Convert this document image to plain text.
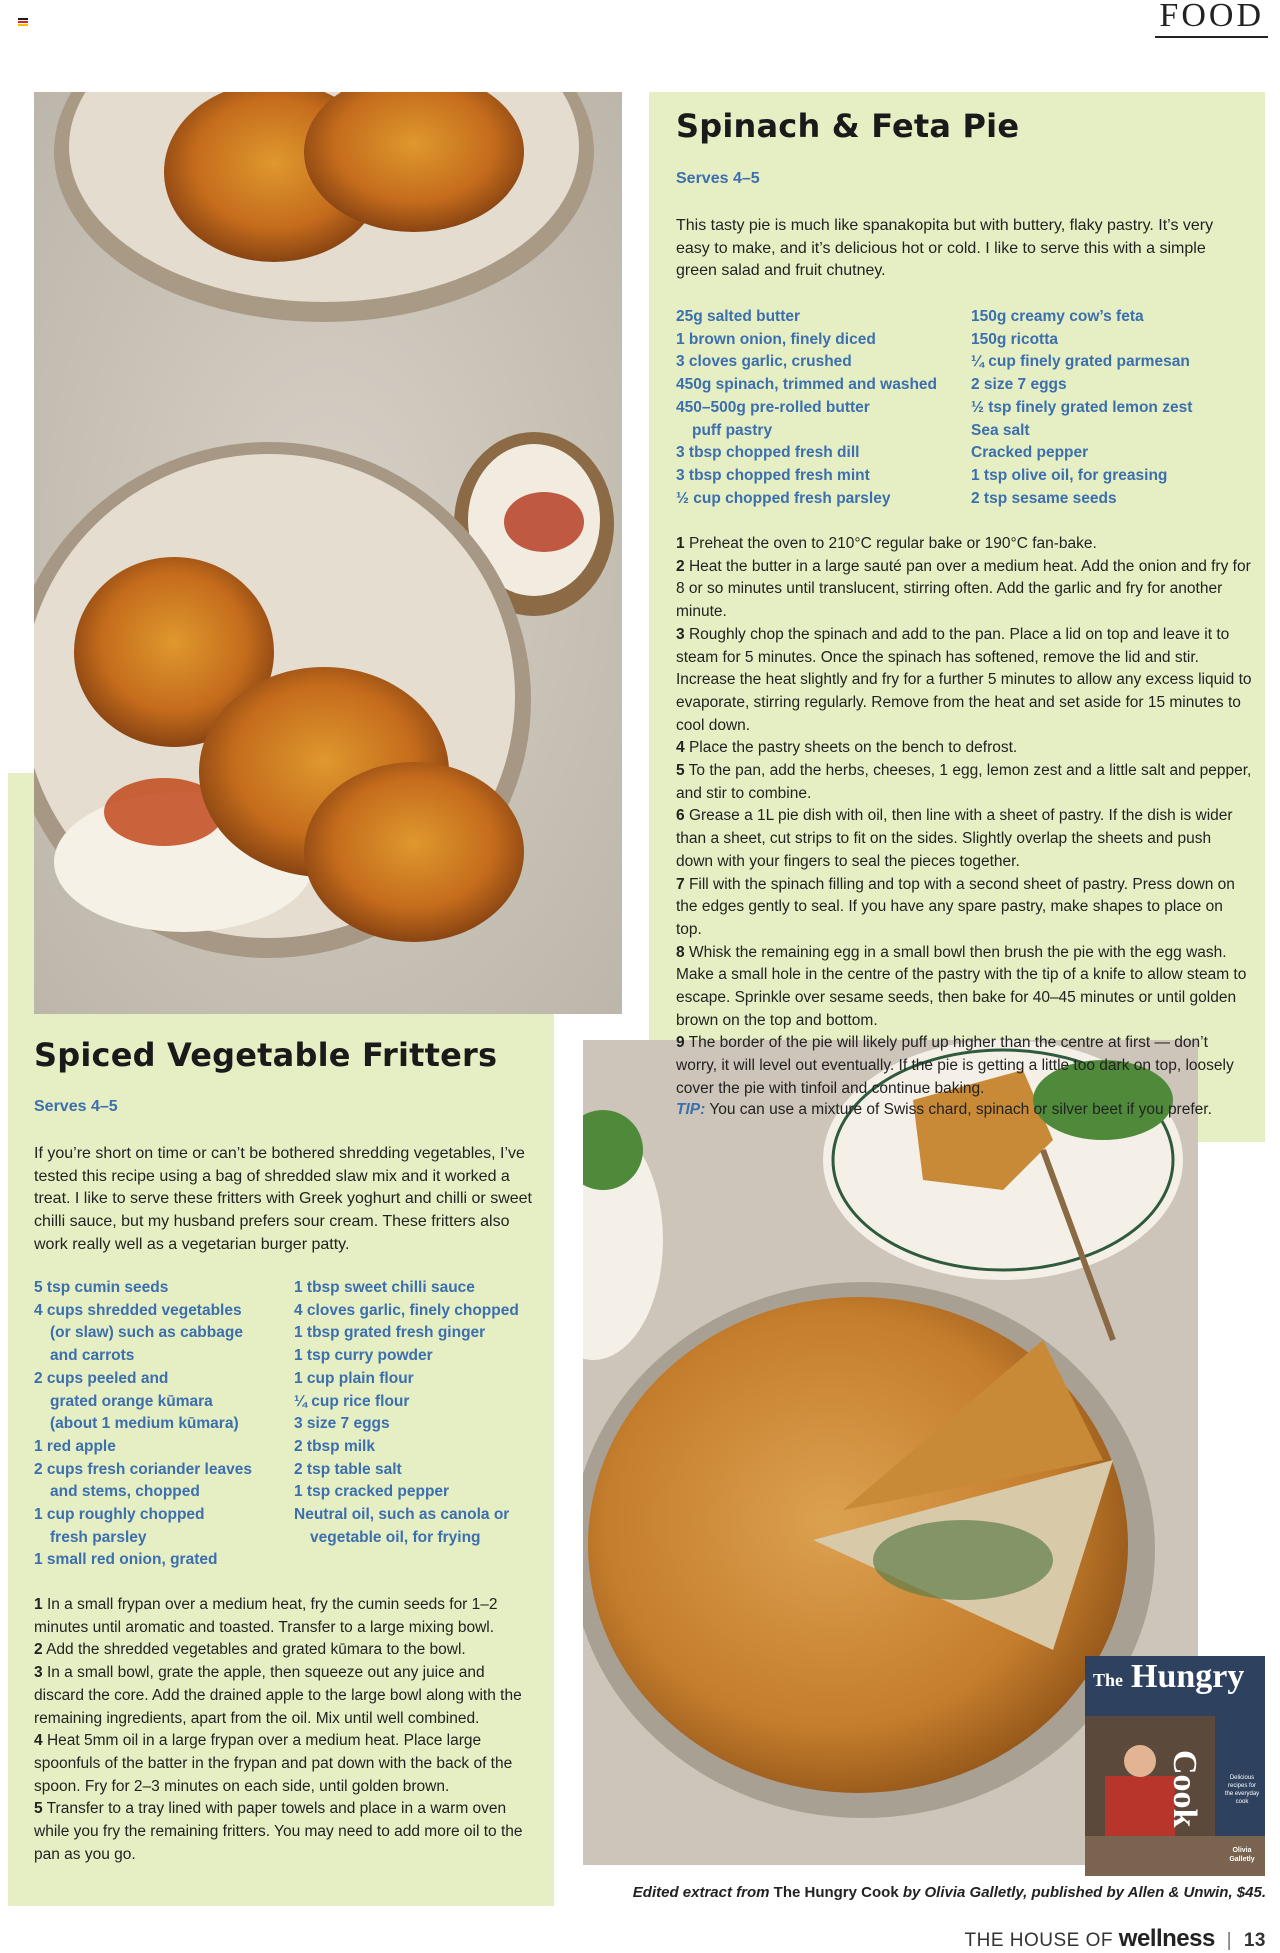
FOOD
Spinach & Feta Pie
Serves 4–5
This tasty pie is much like spanakopita but with buttery, flaky pastry. It’s very easy to make, and it’s delicious hot or cold. I like to serve this with a simple green salad and fruit chutney.
25g salted butter
1 brown onion, finely diced
3 cloves garlic, crushed
450g spinach, trimmed and washed
450–500g pre-rolled butter
puff pastry
3 tbsp chopped fresh dill
3 tbsp chopped fresh mint
½ cup chopped fresh parsley
150g creamy cow’s feta
150g ricotta
¼ cup finely grated parmesan
2 size 7 eggs
½ tsp finely grated lemon zest
Sea salt
Cracked pepper
1 tsp olive oil, for greasing
2 tsp sesame seeds
1 Preheat the oven to 210°C regular bake or 190°C fan-bake.
2 Heat the butter in a large sauté pan over a medium heat. Add the onion and fry for 8 or so minutes until translucent, stirring often. Add the garlic and fry for another minute.
3 Roughly chop the spinach and add to the pan. Place a lid on top and leave it to steam for 5 minutes. Once the spinach has softened, remove the lid and stir. Increase the heat slightly and fry for a further 5 minutes to allow any excess liquid to evaporate, stirring regularly. Remove from the heat and set aside for 15 minutes to cool down.
4 Place the pastry sheets on the bench to defrost.
5 To the pan, add the herbs, cheeses, 1 egg, lemon zest and a little salt and pepper, and stir to combine.
6 Grease a 1L pie dish with oil, then line with a sheet of pastry. If the dish is wider than a sheet, cut strips to fit on the sides. Slightly overlap the sheets and push down with your fingers to seal the pieces together.
7 Fill with the spinach filling and top with a second sheet of pastry. Press down on the edges gently to seal. If you have any spare pastry, make shapes to place on top.
8 Whisk the remaining egg in a small bowl then brush the pie with the egg wash. Make a small hole in the centre of the pastry with the tip of a knife to allow steam to escape. Sprinkle over sesame seeds, then bake for 40–45 minutes or until golden brown on the top and bottom.
9 The border of the pie will likely puff up higher than the centre at first — don’t worry, it will level out eventually. If the pie is getting a little too dark on top, loosely cover the pie with tinfoil and continue baking.
TIP: You can use a mixture of Swiss chard, spinach or silver beet if you prefer.
Spiced Vegetable Fritters
Serves 4–5
If you’re short on time or can’t be bothered shredding vegetables, I’ve tested this recipe using a bag of shredded slaw mix and it worked a treat. I like to serve these fritters with Greek yoghurt and chilli or sweet chilli sauce, but my husband prefers sour cream. These fritters also work really well as a vegetarian burger patty.
5 tsp cumin seeds
4 cups shredded vegetables
(or slaw) such as cabbage
and carrots
2 cups peeled and
grated orange kūmara
(about 1 medium kūmara)
1 red apple
2 cups fresh coriander leaves
and stems, chopped
1 cup roughly chopped
fresh parsley
1 small red onion, grated
1 tbsp sweet chilli sauce
4 cloves garlic, finely chopped
1 tbsp grated fresh ginger
1 tsp curry powder
1 cup plain flour
¼ cup rice flour
3 size 7 eggs
2 tbsp milk
2 tsp table salt
1 tsp cracked pepper
Neutral oil, such as canola or
vegetable oil, for frying
1 In a small frypan over a medium heat, fry the cumin seeds for 1–2 minutes until aromatic and toasted. Transfer to a large mixing bowl.
2 Add the shredded vegetables and grated kūmara to the bowl.
3 In a small bowl, grate the apple, then squeeze out any juice and discard the core. Add the drained apple to the large bowl along with the remaining ingredients, apart from the oil. Mix until well combined.
4 Heat 5mm oil in a large frypan over a medium heat. Place large spoonfuls of the batter in the frypan and pat down with the back of the spoon. Fry for 2–3 minutes on each side, until golden brown.
5 Transfer to a tray lined with paper towels and place in a warm oven while you fry the remaining fritters. You may need to add more oil to the pan as you go.
The Hungry
Cook	Delicious recipes for the everyday cook
Olivia Galletly
Edited extract from The Hungry Cook by Olivia Galletly, published by Allen & Unwin, $45.
THE HOUSE OF wellness | 13
